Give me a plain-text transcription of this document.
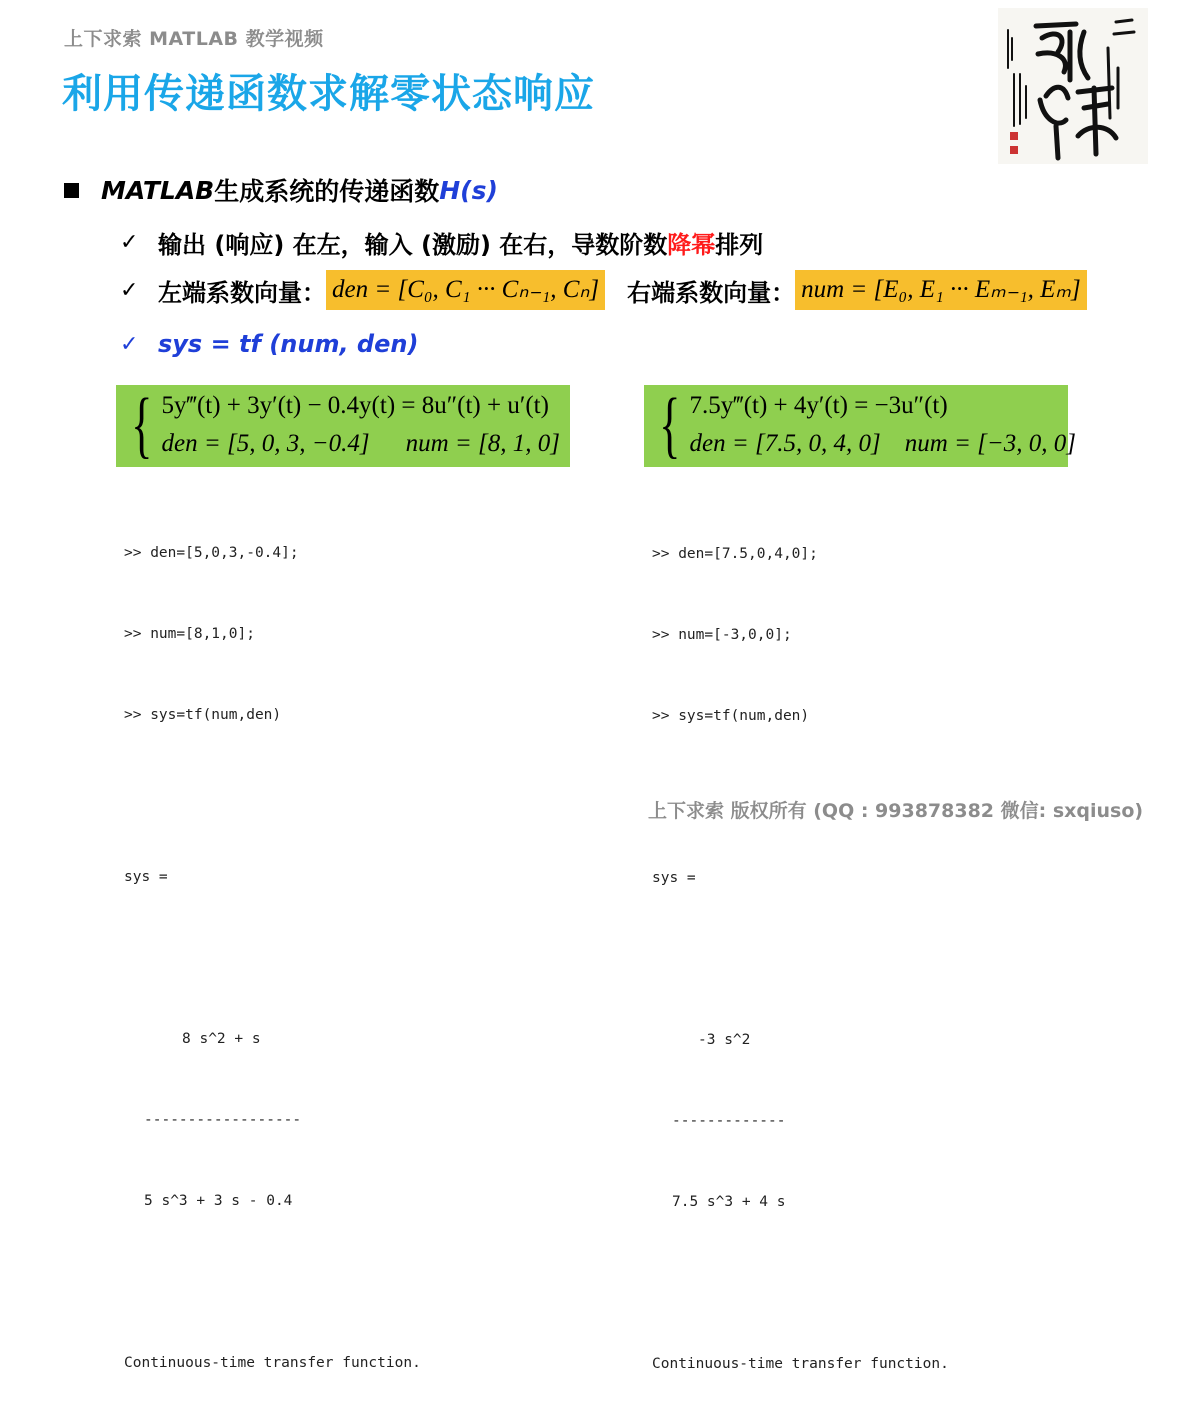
上下求索 MATLAB 教学视频
利用传递函数求解零状态响应
MATLAB 生成系统的传递函数 H(s)
✓ 输出 (响应) 在左，输入 (激励) 在右，导数阶数 降幂 排列
✓ 左端系数向量： den = [C₀, C₁ ··· Cₙ₋₁, Cₙ] 右端系数向量： num = [E₀, E₁ ··· Eₘ₋₁, Eₘ]
✓ sys = tf (num, den)
{ 5y‴(t) + 3y′(t) − 0.4y(t) = 8u″(t) + u′(t)
den = [5, 0, 3, −0.4] num = [8, 1, 0]

>> den=[5,0,3,-0.4];

>> num=[8,1,0];

>> sys=tf(num,den)

sys =

8 s^2 + s

------------------

5 s^3 + 3 s - 0.4

Continuous-time transfer function.

{ 7.5y‴(t) + 4y′(t) = −3u″(t)
den = [7.5, 0, 4, 0] num = [−3, 0, 0]

>> den=[7.5,0,4,0];

>> num=[-3,0,0];

>> sys=tf(num,den)

sys =

-3 s^2

-------------

7.5 s^3 + 4 s

Continuous-time transfer function.

上下求索 版权所有 (QQ : 993878382 微信: sxqiuso)
